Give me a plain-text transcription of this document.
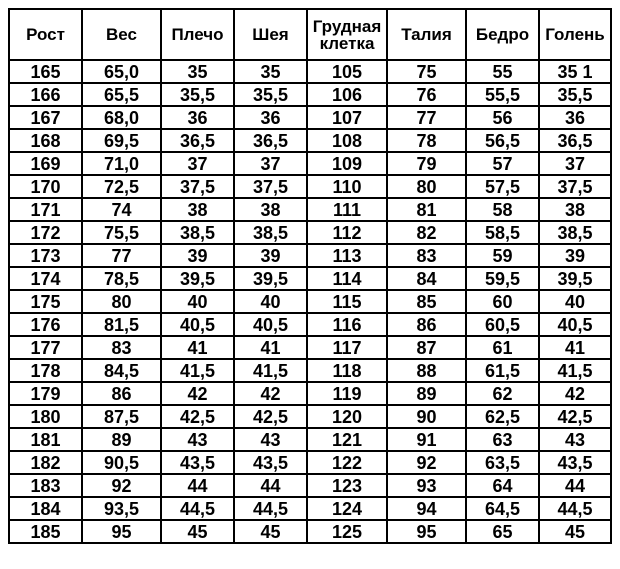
Рост	Вес	Плечо	Шея	Грудная клетка	Талия	Бедро	Голень
165	65,0	35	35	105	75	55	35 1
166	65,5	35,5	35,5	106	76	55,5	35,5
167	68,0	36	36	107	77	56	36
168	69,5	36,5	36,5	108	78	56,5	36,5
169	71,0	37	37	109	79	57	37
170	72,5	37,5	37,5	110	80	57,5	37,5
171	74	38	38	111	81	58	38
172	75,5	38,5	38,5	112	82	58,5	38,5
173	77	39	39	113	83	59	39
174	78,5	39,5	39,5	114	84	59,5	39,5
175	80	40	40	115	85	60	40
176	81,5	40,5	40,5	116	86	60,5	40,5
177	83	41	41	117	87	61	41
178	84,5	41,5	41,5	118	88	61,5	41,5
179	86	42	42	119	89	62	42
180	87,5	42,5	42,5	120	90	62,5	42,5
181	89	43	43	121	91	63	43
182	90,5	43,5	43,5	122	92	63,5	43,5
183	92	44	44	123	93	64	44
184	93,5	44,5	44,5	124	94	64,5	44,5
185	95	45	45	125	95	65	45
